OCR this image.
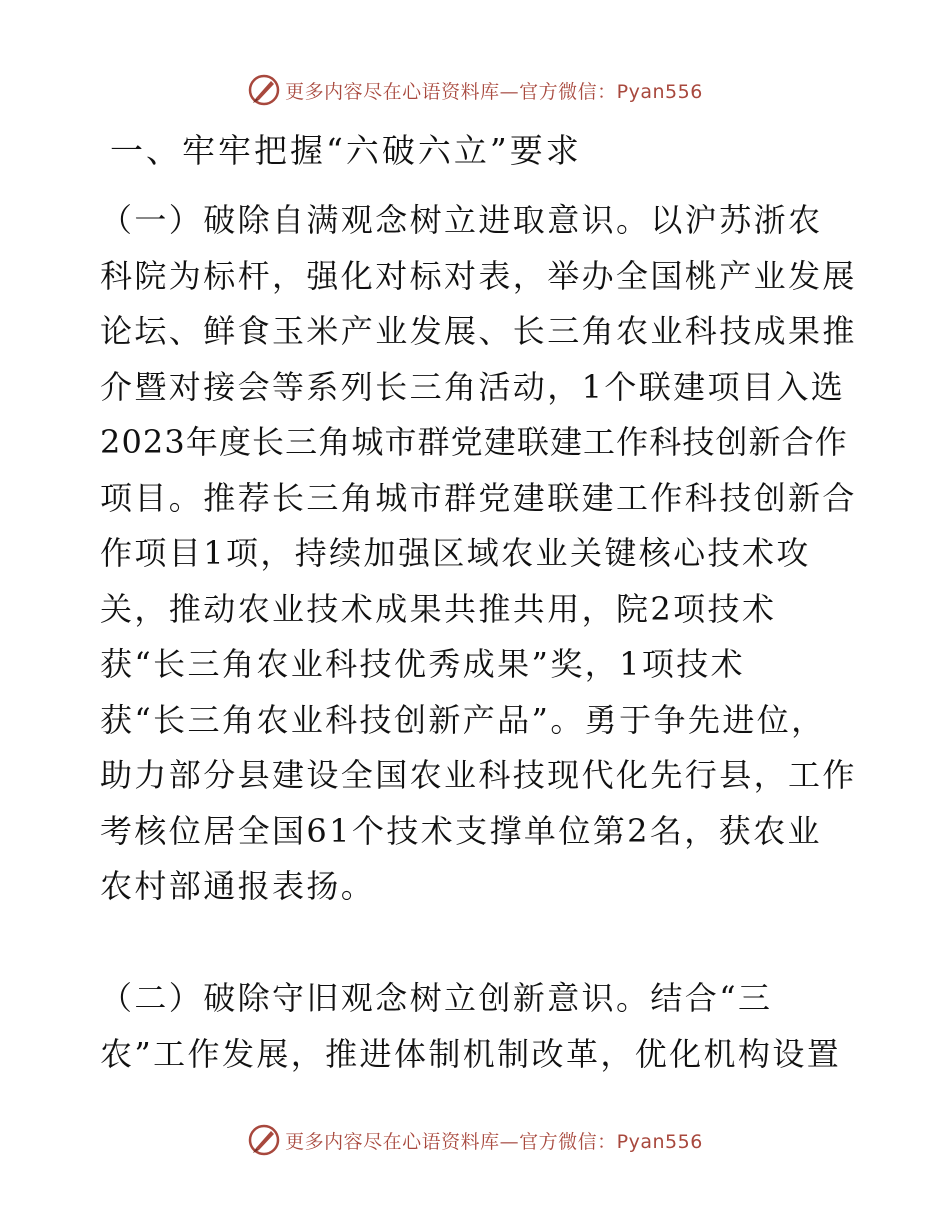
更多内容尽在心语资料库—官方微信：Pyan556
一、牢牢把握“六破六立”要求

（一）破除自满观念树立进取意识。以沪苏浙农
科院为标杆，强化对标对表，举办全国桃产业发展
论坛、鲜食玉米产业发展、长三角农业科技成果推
介暨对接会等系列长三角活动，1个联建项目入选
2023年度长三角城市群党建联建工作科技创新合作
项目。推荐长三角城市群党建联建工作科技创新合
作项目1项，持续加强区域农业关键核心技术攻
关，推动农业技术成果共推共用，院2项技术
获“长三角农业科技优秀成果”奖，1项技术
获“长三角农业科技创新产品”。勇于争先进位，
助力部分县建设全国农业科技现代化先行县，工作
考核位居全国61个技术支撑单位第2名，获农业
农村部通报表扬。

（二）破除守旧观念树立创新意识。结合“三
农”工作发展，推进体制机制改革，优化机构设置

更多内容尽在心语资料库—官方微信：Pyan556
